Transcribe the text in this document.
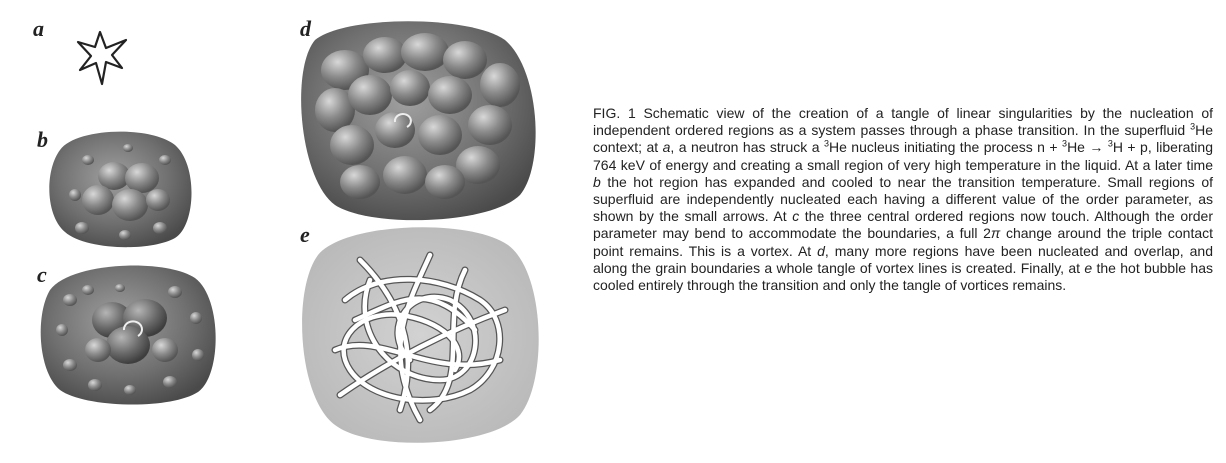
a
b
c
d
e
FIG. 1 Schematic view of the creation of a tangle of linear singularities by the nucleation of independent ordered regions as a system passes through a phase transition. In the superfluid $^3$He context; at a, a neutron has struck a $^3$He nucleus initiating the process n + $^3$He → $^3$H + p, liberating 764 keV of energy and creating a small region of very high temperature in the liquid. At a later time b the hot region has expanded and cooled to near the transition temperature. Small regions of superfluid are independently nucleated each having a different value of the order parameter, as shown by the small arrows. At c the three central ordered regions now touch. Although the order parameter may bend to accommodate the boundaries, a full 2π change around the triple contact point remains. This is a vortex. At d, many more regions have been nucleated and overlap, and along the grain boundaries a whole tangle of vortex lines is created. Finally, at e the hot bubble has cooled entirely through the transition and only the tangle of vortices remains.
